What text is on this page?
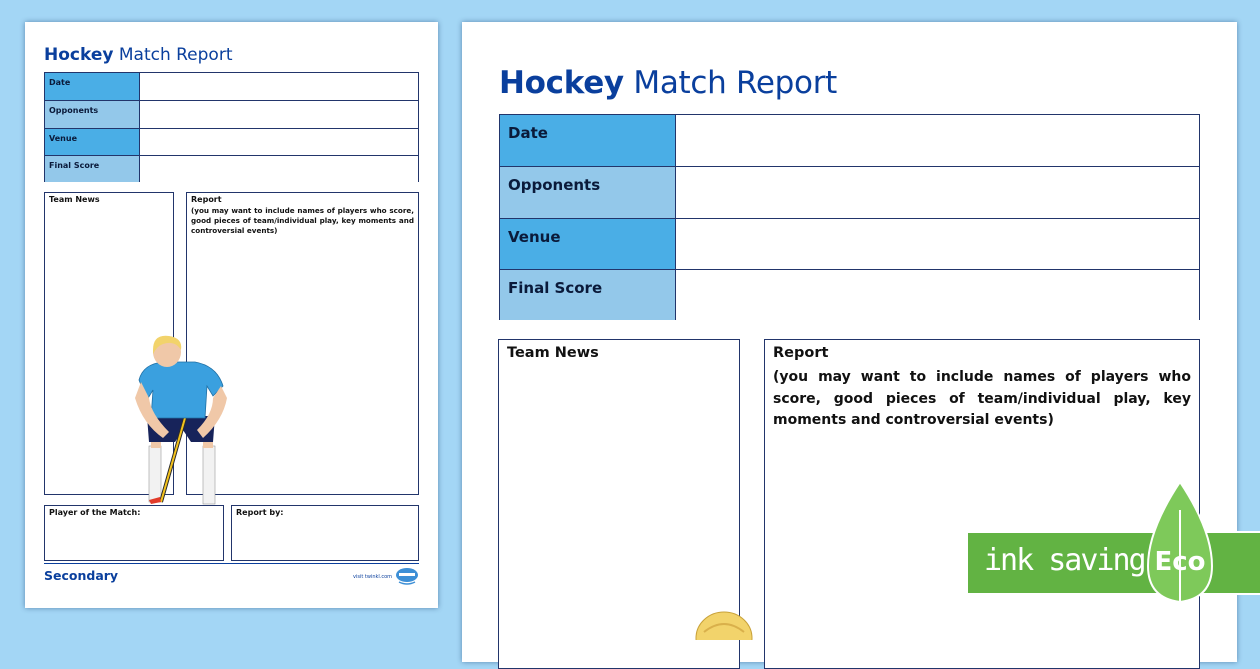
Hockey Match Report
Date
Opponents
Venue
Final Score
Team News	Report
(you may want to include names of players who score, good pieces of team/individual play, key moments and controversial events)
Player of the Match:	Report by:
Secondary	visit twinkl.com
Hockey Match Report
Date
Opponents
Venue
Final Score
Team News	Report
(you may want to include names of players who score, good pieces of team/individual play, key moments and controversial events)
ink saving Eco
